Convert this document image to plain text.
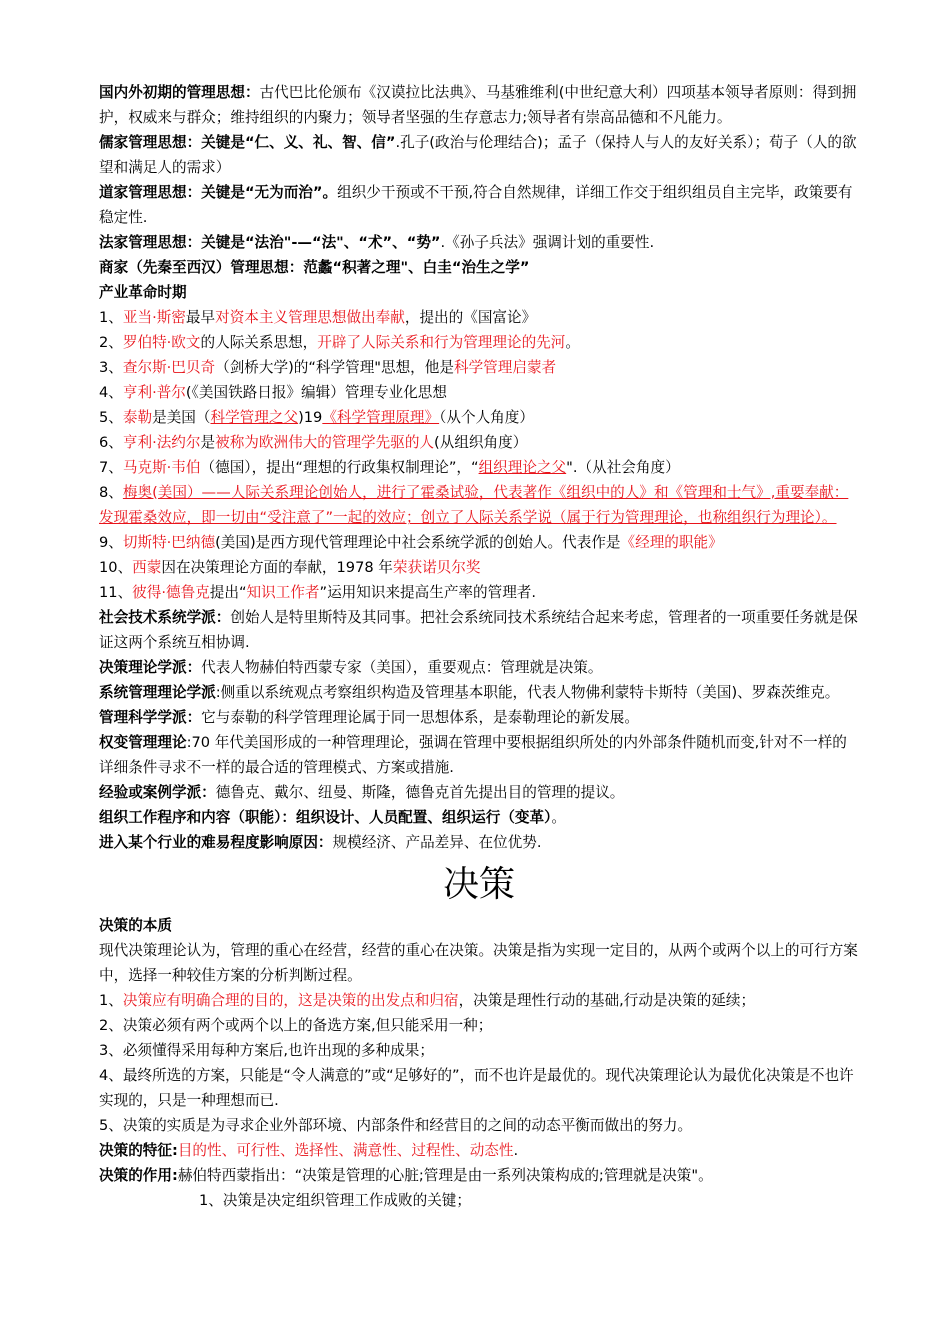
国内外初期的管理思想：古代巴比伦颁布《汉谟拉比法典》、马基雅维利(中世纪意大利）四项基本领导者原则：得到拥护，权威来与群众；维持组织的内聚力；领导者坚强的生存意志力;领导者有崇高品德和不凡能力。

儒家管理思想：关键是“仁、义、礼、智、信”.孔子(政治与伦理结合)；孟子（保持人与人的友好关系）；荀子（人的欲望和满足人的需求）

道家管理思想：关键是“无为而治”。组织少干预或不干预,符合自然规律，详细工作交于组织组员自主完毕，政策要有稳定性.

法家管理思想：关键是“法治"-—“法"、“术”、“势”.《孙子兵法》强调计划的重要性.

商家（先秦至西汉）管理思想：范蠡“积著之理"、白圭“治生之学”

产业革命时期

1、亚当·斯密最早对资本主义管理思想做出奉献，提出的《国富论》

2、罗伯特·欧文的人际关系思想，开辟了人际关系和行为管理理论的先河。

3、查尔斯·巴贝奇（剑桥大学)的“科学管理"思想，他是科学管理启蒙者

4、亨利·普尔(《美国铁路日报》编辑）管理专业化思想

5、泰勒是美国（科学管理之父)19《科学管理原理》（从个人角度）

6、亨利·法约尔是被称为欧洲伟大的管理学先驱的人(从组织角度）

7、马克斯·韦伯（德国），提出“理想的行政集权制理论”，“组织理论之父".（从社会角度）

8、梅奥(美国）——人际关系理论创始人，进行了霍桑试验，代表著作《组织中的人》和《管理和士气》,重要奉献：发现霍桑效应，即一切由“受注意了”一起的效应；创立了人际关系学说（属于行为管理理论，也称组织行为理论）。

9、切斯特·巴纳德(美国)是西方现代管理理论中社会系统学派的创始人。代表作是《经理的职能》

10、西蒙因在决策理论方面的奉献，1978 年荣获诺贝尔奖

11、彼得·德鲁克提出“知识工作者”运用知识来提高生产率的管理者.

社会技术系统学派：创始人是特里斯特及其同事。把社会系统同技术系统结合起来考虑，管理者的一项重要任务就是保证这两个系统互相协调.

决策理论学派：代表人物赫伯特西蒙专家（美国），重要观点：管理就是决策。

系统管理理论学派:侧重以系统观点考察组织构造及管理基本职能，代表人物佛利蒙特卡斯特（美国)、罗森茨维克。

管理科学学派：它与泰勒的科学管理理论属于同一思想体系，是泰勒理论的新发展。

权变管理理论:70 年代美国形成的一种管理理论，强调在管理中要根据组织所处的内外部条件随机而变,针对不一样的详细条件寻求不一样的最合适的管理模式、方案或措施.

经验或案例学派：德鲁克、戴尔、纽曼、斯隆，德鲁克首先提出目的管理的提议。

组织工作程序和内容（职能）：组织设计、人员配置、组织运行（变革）。

进入某个行业的难易程度影响原因：规模经济、产品差异、在位优势.

决策

决策的本质

现代决策理论认为，管理的重心在经营，经营的重心在决策。决策是指为实现一定目的，从两个或两个以上的可行方案中，选择一种较佳方案的分析判断过程。

1、决策应有明确合理的目的，这是决策的出发点和归宿，决策是理性行动的基础,行动是决策的延续；

2、决策必须有两个或两个以上的备选方案,但只能采用一种；

3、必须懂得采用每种方案后,也许出现的多种成果；

4、最终所选的方案，只能是“令人满意的”或“足够好的”，而不也许是最优的。现代决策理论认为最优化决策是不也许实现的，只是一种理想而已.

5、决策的实质是为寻求企业外部环境、内部条件和经营目的之间的动态平衡而做出的努力。

决策的特征:目的性、可行性、选择性、满意性、过程性、动态性.

决策的作用:赫伯特西蒙指出：“决策是管理的心脏;管理是由一系列决策构成的;管理就是决策"。

1、决策是决定组织管理工作成败的关键；
